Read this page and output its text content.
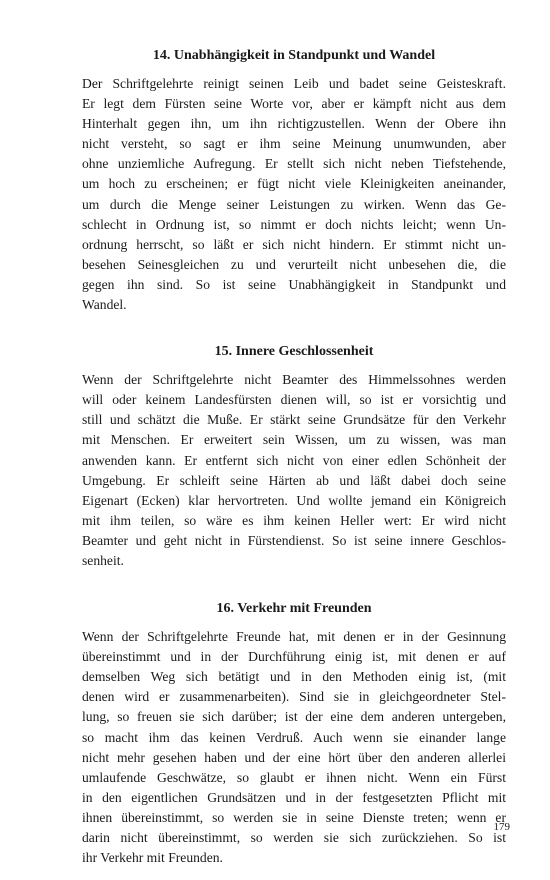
14. Unabhängigkeit in Standpunkt und Wandel

Der Schriftgelehrte reinigt seinen Leib und badet seine Geisteskraft.
Er legt dem Fürsten seine Worte vor, aber er kämpft nicht aus dem
Hinterhalt gegen ihn, um ihn richtigzustellen. Wenn der Obere ihn
nicht versteht, so sagt er ihm seine Meinung unumwunden, aber
ohne unziemliche Aufregung. Er stellt sich nicht neben Tiefstehende,
um hoch zu erscheinen; er fügt nicht viele Kleinigkeiten aneinander,
um durch die Menge seiner Leistungen zu wirken. Wenn das Ge-
schlecht in Ordnung ist, so nimmt er doch nichts leicht; wenn Un-
ordnung herrscht, so läßt er sich nicht hindern. Er stimmt nicht un-
besehen Seinesgleichen zu und verurteilt nicht unbesehen die, die
gegen ihn sind. So ist seine Unabhängigkeit in Standpunkt und
Wandel.

15. Innere Geschlossenheit

Wenn der Schriftgelehrte nicht Beamter des Himmelssohnes werden
will oder keinem Landesfürsten dienen will, so ist er vorsichtig und
still und schätzt die Muße. Er stärkt seine Grundsätze für den Verkehr
mit Menschen. Er erweitert sein Wissen, um zu wissen, was man
anwenden kann. Er entfernt sich nicht von einer edlen Schönheit der
Umgebung. Er schleift seine Härten ab und läßt dabei doch seine
Eigenart (Ecken) klar hervortreten. Und wollte jemand ein Königreich
mit ihm teilen, so wäre es ihm keinen Heller wert: Er wird nicht
Beamter und geht nicht in Fürstendienst. So ist seine innere Geschlos-
senheit.

16. Verkehr mit Freunden

Wenn der Schriftgelehrte Freunde hat, mit denen er in der Gesinnung
übereinstimmt und in der Durchführung einig ist, mit denen er auf
demselben Weg sich betätigt und in den Methoden einig ist, (mit
denen wird er zusammenarbeiten). Sind sie in gleichgeordneter Stel-
lung, so freuen sie sich darüber; ist der eine dem anderen untergeben,
so macht ihm das keinen Verdruß. Auch wenn sie einander lange
nicht mehr gesehen haben und der eine hört über den anderen allerlei
umlaufende Geschwätze, so glaubt er ihnen nicht. Wenn ein Fürst
in den eigentlichen Grundsätzen und in der festgesetzten Pflicht mit
ihnen übereinstimmt, so werden sie in seine Dienste treten; wenn er
darin nicht übereinstimmt, so werden sie sich zurückziehen. So ist
ihr Verkehr mit Freunden.

179
